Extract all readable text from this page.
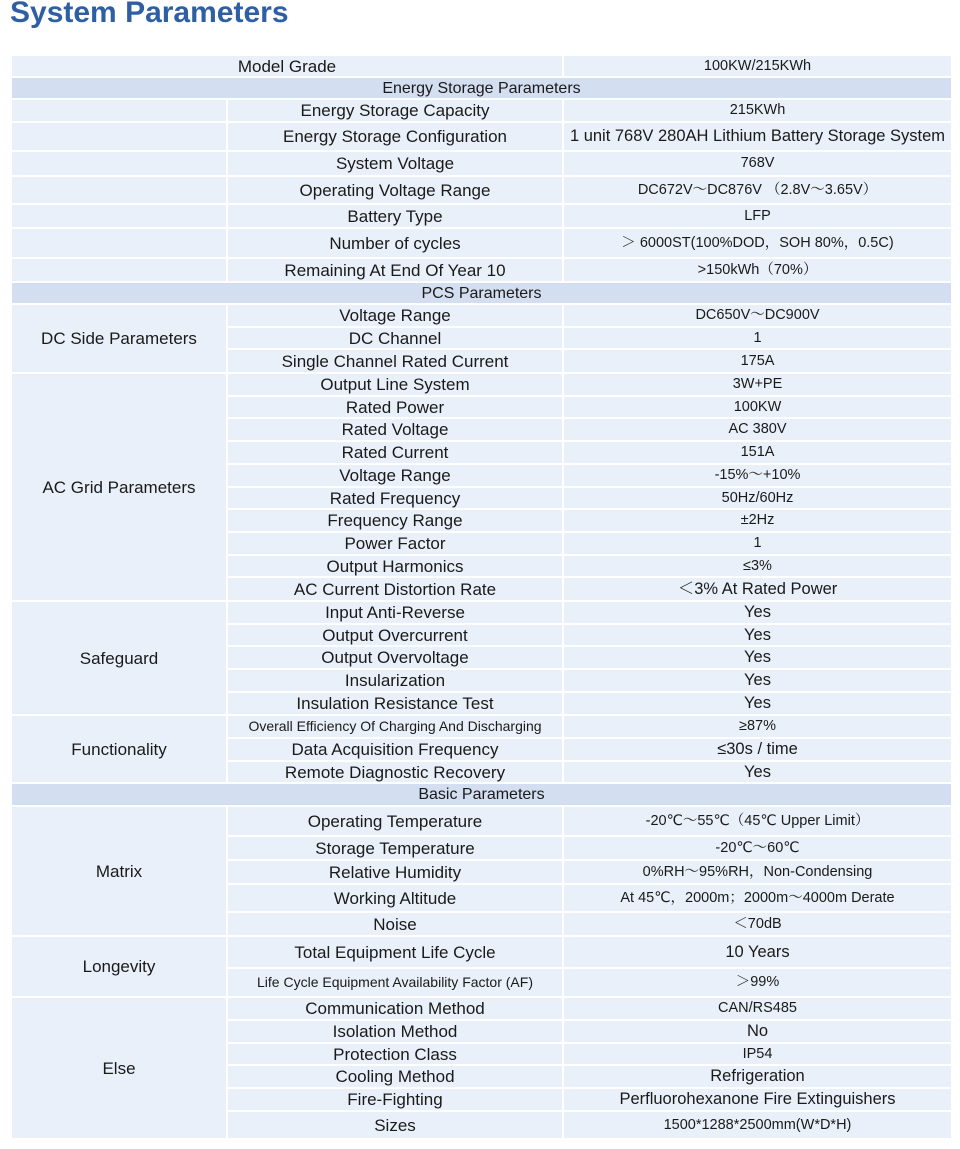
System Parameters
Model Grade		100KW/215KWh
Energy Storage Parameters		
	Energy Storage Capacity	215KWh
	Energy Storage Configuration	1 unit 768V 280AH Lithium Battery Storage System
	System Voltage	768V
	Operating Voltage Range	DC672V～DC876V （2.8V～3.65V）
	Battery Type	LFP
	Number of cycles	＞ 6000ST(100%DOD，SOH 80%，0.5C)
	Remaining At End Of Year 10	>150kWh（70%）
PCS Parameters		
DC Side Parameters	Voltage Range	DC650V～DC900V
	DC Channel	1
	Single Channel Rated Current	175A
AC Grid Parameters	Output Line System	3W+PE
	Rated Power	100KW
	Rated Voltage	AC 380V
	Rated Current	151A
	Voltage Range	-15%～+10%
	Rated Frequency	50Hz/60Hz
	Frequency Range	±2Hz
	Power Factor	1
	Output Harmonics	≤3%
	AC Current Distortion Rate	＜3% At Rated Power
Safeguard	Input Anti-Reverse	Yes
	Output Overcurrent	Yes
	Output Overvoltage	Yes
	Insularization	Yes
	Insulation Resistance Test	Yes
Functionality	Overall Efficiency Of Charging And Discharging	≥87%
	Data Acquisition Frequency	≤30s / time
	Remote Diagnostic Recovery	Yes
Basic Parameters		
Matrix	Operating Temperature	-20℃～55℃（45℃ Upper Limit）
	Storage Temperature	-20℃～60℃
	Relative Humidity	0%RH～95%RH，Non-Condensing
	Working Altitude	At 45℃，2000m；2000m～4000m Derate
	Noise	＜70dB
Longevity	Total Equipment Life Cycle	10 Years
	Life Cycle Equipment Availability Factor (AF)	＞99%
Else	Communication Method	CAN/RS485
	Isolation Method	No
	Protection Class	IP54
	Cooling Method	Refrigeration
	Fire-Fighting	Perfluorohexanone Fire Extinguishers
	Sizes	1500*1288*2500mm(W*D*H)
